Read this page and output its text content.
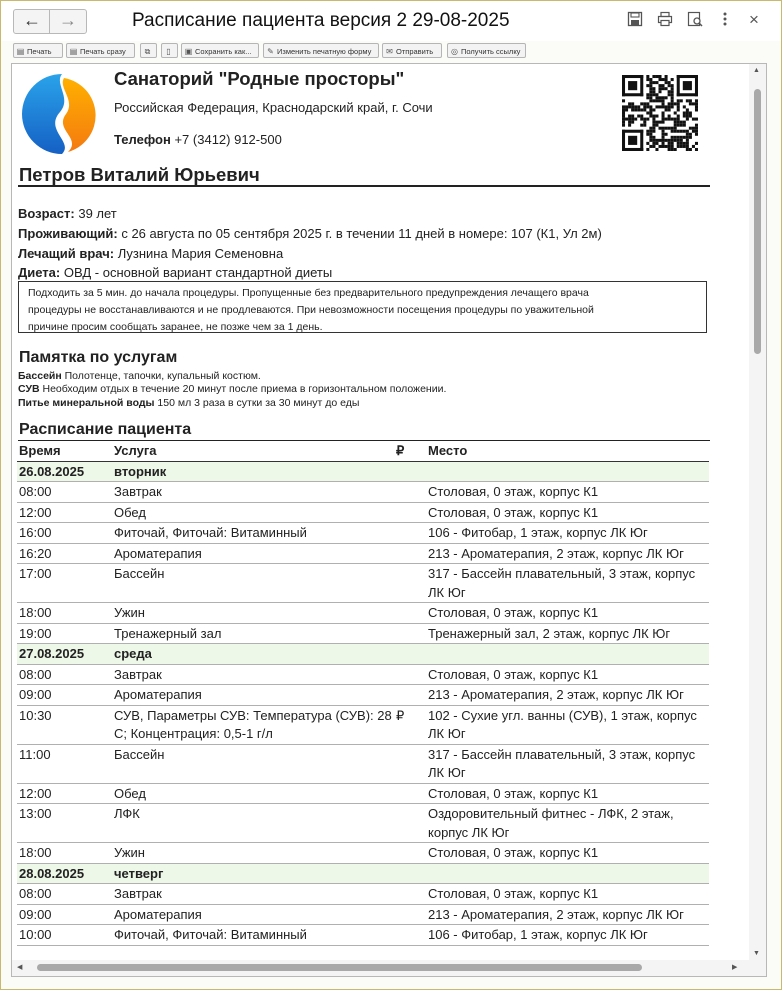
←	→	Расписание пациента версия 2 29-08-2025	×
▤ Печать	▤ Печать сразу	⧉	▯	▣ Сохранить как...	✎ Изменить печатную форму	✉ Отправить	◎ Получить ссылку
Санаторий "Родные просторы"
Российская Федерация, Краснодарский край, г. Сочи
Телефон +7 (3412) 912-500
Петров Виталий Юрьевич
Возраст: 39 лет
Проживающий: с 26 августа по 05 сентября 2025 г. в течении 11 дней в номере: 107 (К1, Ул 2м)
Лечащий врач: Лузнина Мария Семеновна
Диета: ОВД - основной вариант стандартной диеты
Подходить за 5 мин. до начала процедуры. Пропущенные без предварительного предупреждения лечащего врача
процедуры не восстанавливаются и не продлеваются. При невозможности посещения процедуры по уважительной
причине просим сообщать заранее, не позже чем за 1 день.
Памятка по услугам
Бассейн Полотенце, тапочки, купальный костюм.
СУВ Необходим отдых в течение 20 минут после приема в горизонтальном положении.
Питье минеральной воды 150 мл 3 раза в сутки за 30 минут до еды
Расписание пациента
Время	Услуга	₽	Место
26.08.2025	вторник		
08:00	Завтрак		Столовая, 0 этаж, корпус К1
12:00	Обед		Столовая, 0 этаж, корпус К1
16:00	Фиточай, Фиточай: Витаминный		106 - Фитобар, 1 этаж, корпус ЛК Юг
16:20	Ароматерапия		213 - Ароматерапия, 2 этаж, корпус ЛК Юг
17:00	Бассейн		317 - Бассейн плавательный, 3 этаж, корпус ЛК Юг
18:00	Ужин		Столовая, 0 этаж, корпус К1
19:00	Тренажерный зал		Тренажерный зал, 2 этаж, корпус ЛК Юг
27.08.2025	среда		
08:00	Завтрак		Столовая, 0 этаж, корпус К1
09:00	Ароматерапия		213 - Ароматерапия, 2 этаж, корпус ЛК Юг
10:30	СУВ, Параметры СУВ: Температура (СУВ): 28 С; Концентрация: 0,5-1 г/л	₽	102 - Сухие угл. ванны (СУВ), 1 этаж, корпус ЛК Юг
11:00	Бассейн		317 - Бассейн плавательный, 3 этаж, корпус ЛК Юг
12:00	Обед		Столовая, 0 этаж, корпус К1
13:00	ЛФК		Оздоровительный фитнес - ЛФК, 2 этаж, корпус ЛК Юг
18:00	Ужин		Столовая, 0 этаж, корпус К1
28.08.2025	четверг		
08:00	Завтрак		Столовая, 0 этаж, корпус К1
09:00	Ароматерапия		213 - Ароматерапия, 2 этаж, корпус ЛК Юг
10:00	Фиточай, Фиточай: Витаминный		106 - Фитобар, 1 этаж, корпус ЛК Юг
▲
▼
◀	▶
